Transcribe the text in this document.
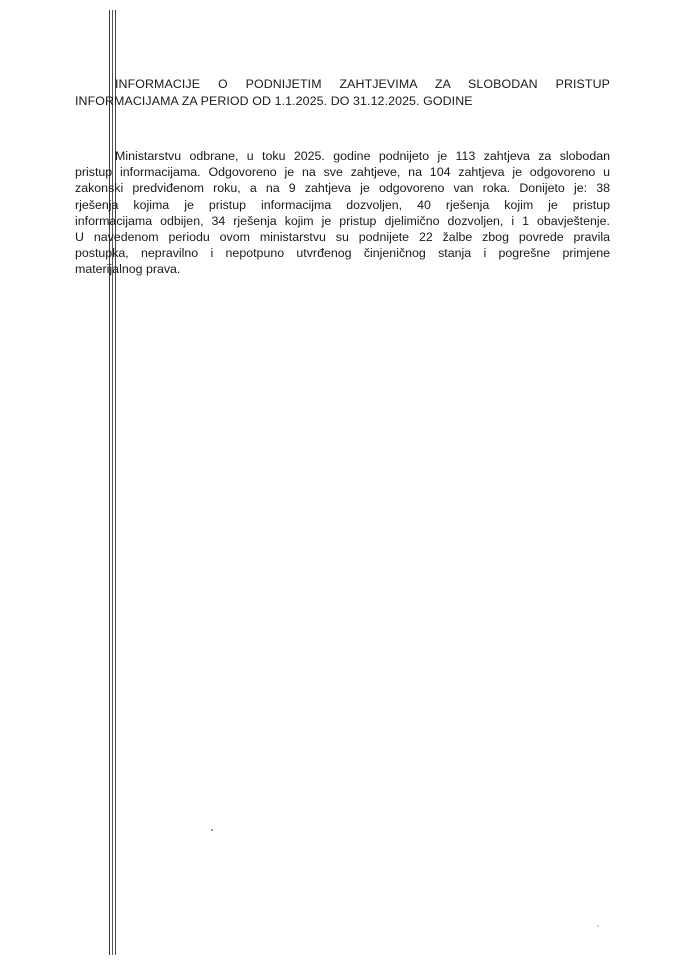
INFORMACIJE O PODNIJETIM ZAHTJEVIMA ZA SLOBODAN PRISTUP
INFORMACIJAMA ZA PERIOD OD 1.1.2025. DO 31.12.2025. GODINE
Ministarstvu odbrane, u toku 2025. godine podnijeto je 113 zahtjeva za slobodan
pristup informacijama. Odgovoreno je na sve zahtjeve, na 104 zahtjeva je odgovoreno u
zakonski predviđenom roku, a na 9 zahtjeva je odgovoreno van roka. Donijeto je: 38
rješenja kojima je pristup informacijma dozvoljen, 40 rješenja kojim je pristup
informacijama odbijen, 34 rješenja kojim je pristup djelimično dozvoljen, i 1 obavještenje.
U navedenom periodu ovom ministarstvu su podnijete 22 žalbe zbog povrede pravila
postupka, nepravilno i nepotpuno utvrđenog činjeničnog stanja i pogrešne primjene
materijalnog prava.
